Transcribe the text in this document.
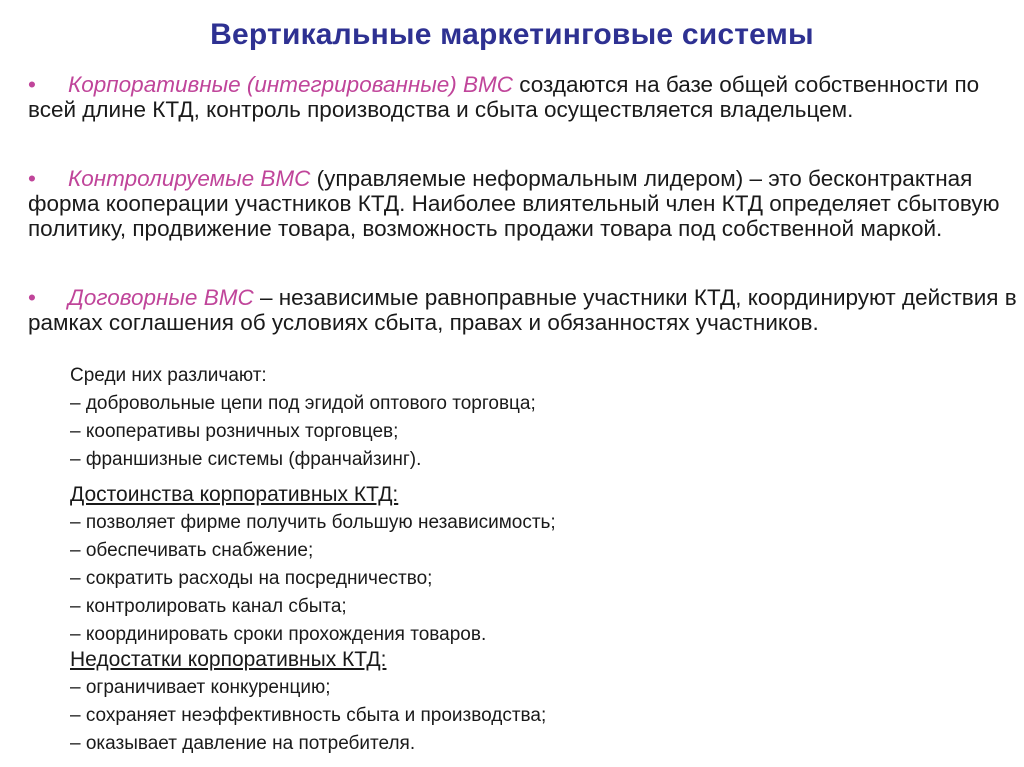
Вертикальные маркетинговые системы
• Корпоративные (интегрированные) ВМС создаются на базе общей собственности по всей длине КТД, контроль производства и сбыта осуществляется владельцем.
• Контролируемые ВМС (управляемые неформальным лидером) – это бесконтрактная форма кооперации участников КТД. Наиболее влиятельный член КТД определяет сбытовую политику, продвижение товара, возможность продажи товара под собственной маркой.
• Договорные ВМС – независимые равноправные участники КТД, координируют действия в рамках соглашения об условиях сбыта, правах и обязанностях участников.
Среди них различают:
– добровольные цепи под эгидой оптового торговца;
– кооперативы розничных торговцев;
– франшизные системы (франчайзинг).
Достоинства корпоративных КТД:
– позволяет фирме получить большую независимость;
– обеспечивать снабжение;
– сократить расходы на посредничество;
– контролировать канал сбыта;
– координировать сроки прохождения товаров.
Недостатки корпоративных КТД:
– ограничивает конкуренцию;
– сохраняет неэффективность сбыта и производства;
– оказывает давление на потребителя.
